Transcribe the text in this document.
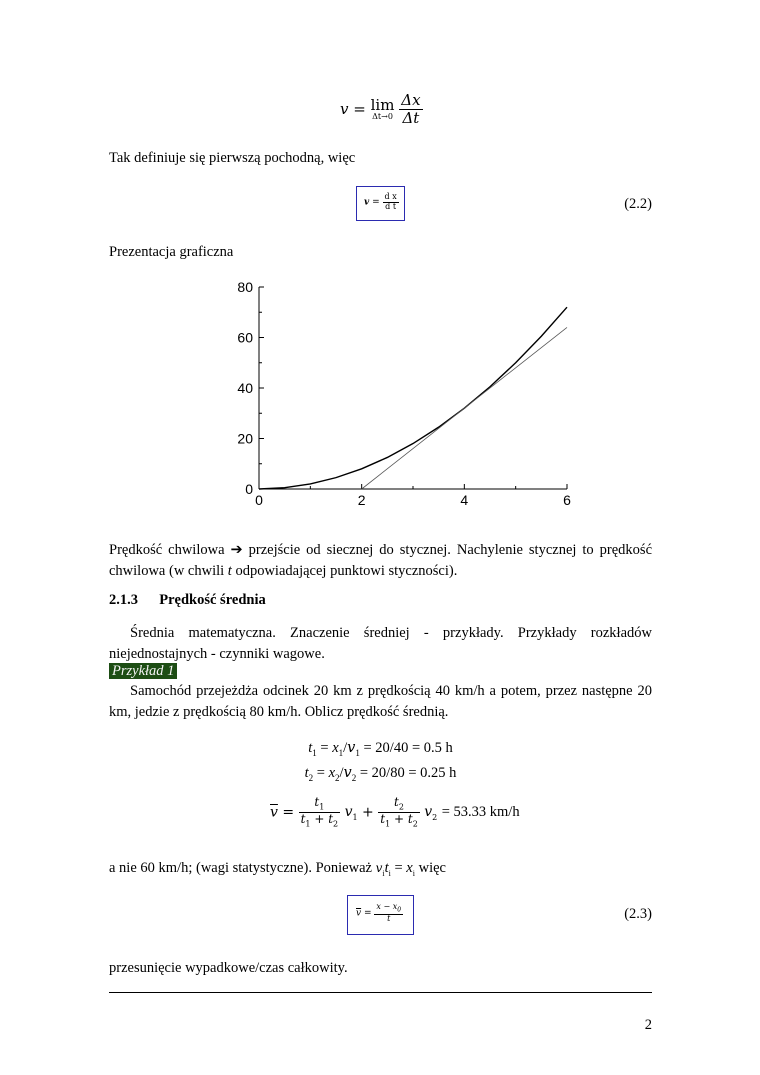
v = lim
Δt→0
$\frac{\Delta x}{\Delta t}$
Tak definiuje się pierwszą pochodną, więc
$v = \frac{\text{d x}}{\text{d t}}$	(2.2)
Prezentacja graficzna
0	2	4	6
0
20
40
60
80
Prędkość chwilowa ➔ przejście od siecznej do stycznej. Nachylenie stycznej to prędkość chwilowa (w chwili t odpowiadającej punktowi styczności).
2.1.3 Prędkość średnia
Średnia matematyczna. Znaczenie średniej - przykłady. Przykłady rozkładów niejednostajnych - czynniki wagowe.
Przykład 1
Samochód przejeżdża odcinek 20 km z prędkością 40 km/h a potem, przez następne 20 km, jedzie z prędkością 80 km/h. Oblicz prędkość średnią.
$t_1 = x_1/v_1 = 20/40 = 0.5$ h
$t_2 = x_2/v_2 = 20/80 = 0.25$ h
$\overline{v} = \frac{t_1}{t_1 + t_2} v_1 + \frac{t_2}{t_1 + t_2} v_2 = 53.33$ km/h
a nie 60 km/h; (wagi statystyczne). Ponieważ $v_it_i = x_i$ więc
$\overline{v} = \frac{x - x_0}{t}$	(2.3)
przesunięcie wypadkowe/czas całkowity.
2
